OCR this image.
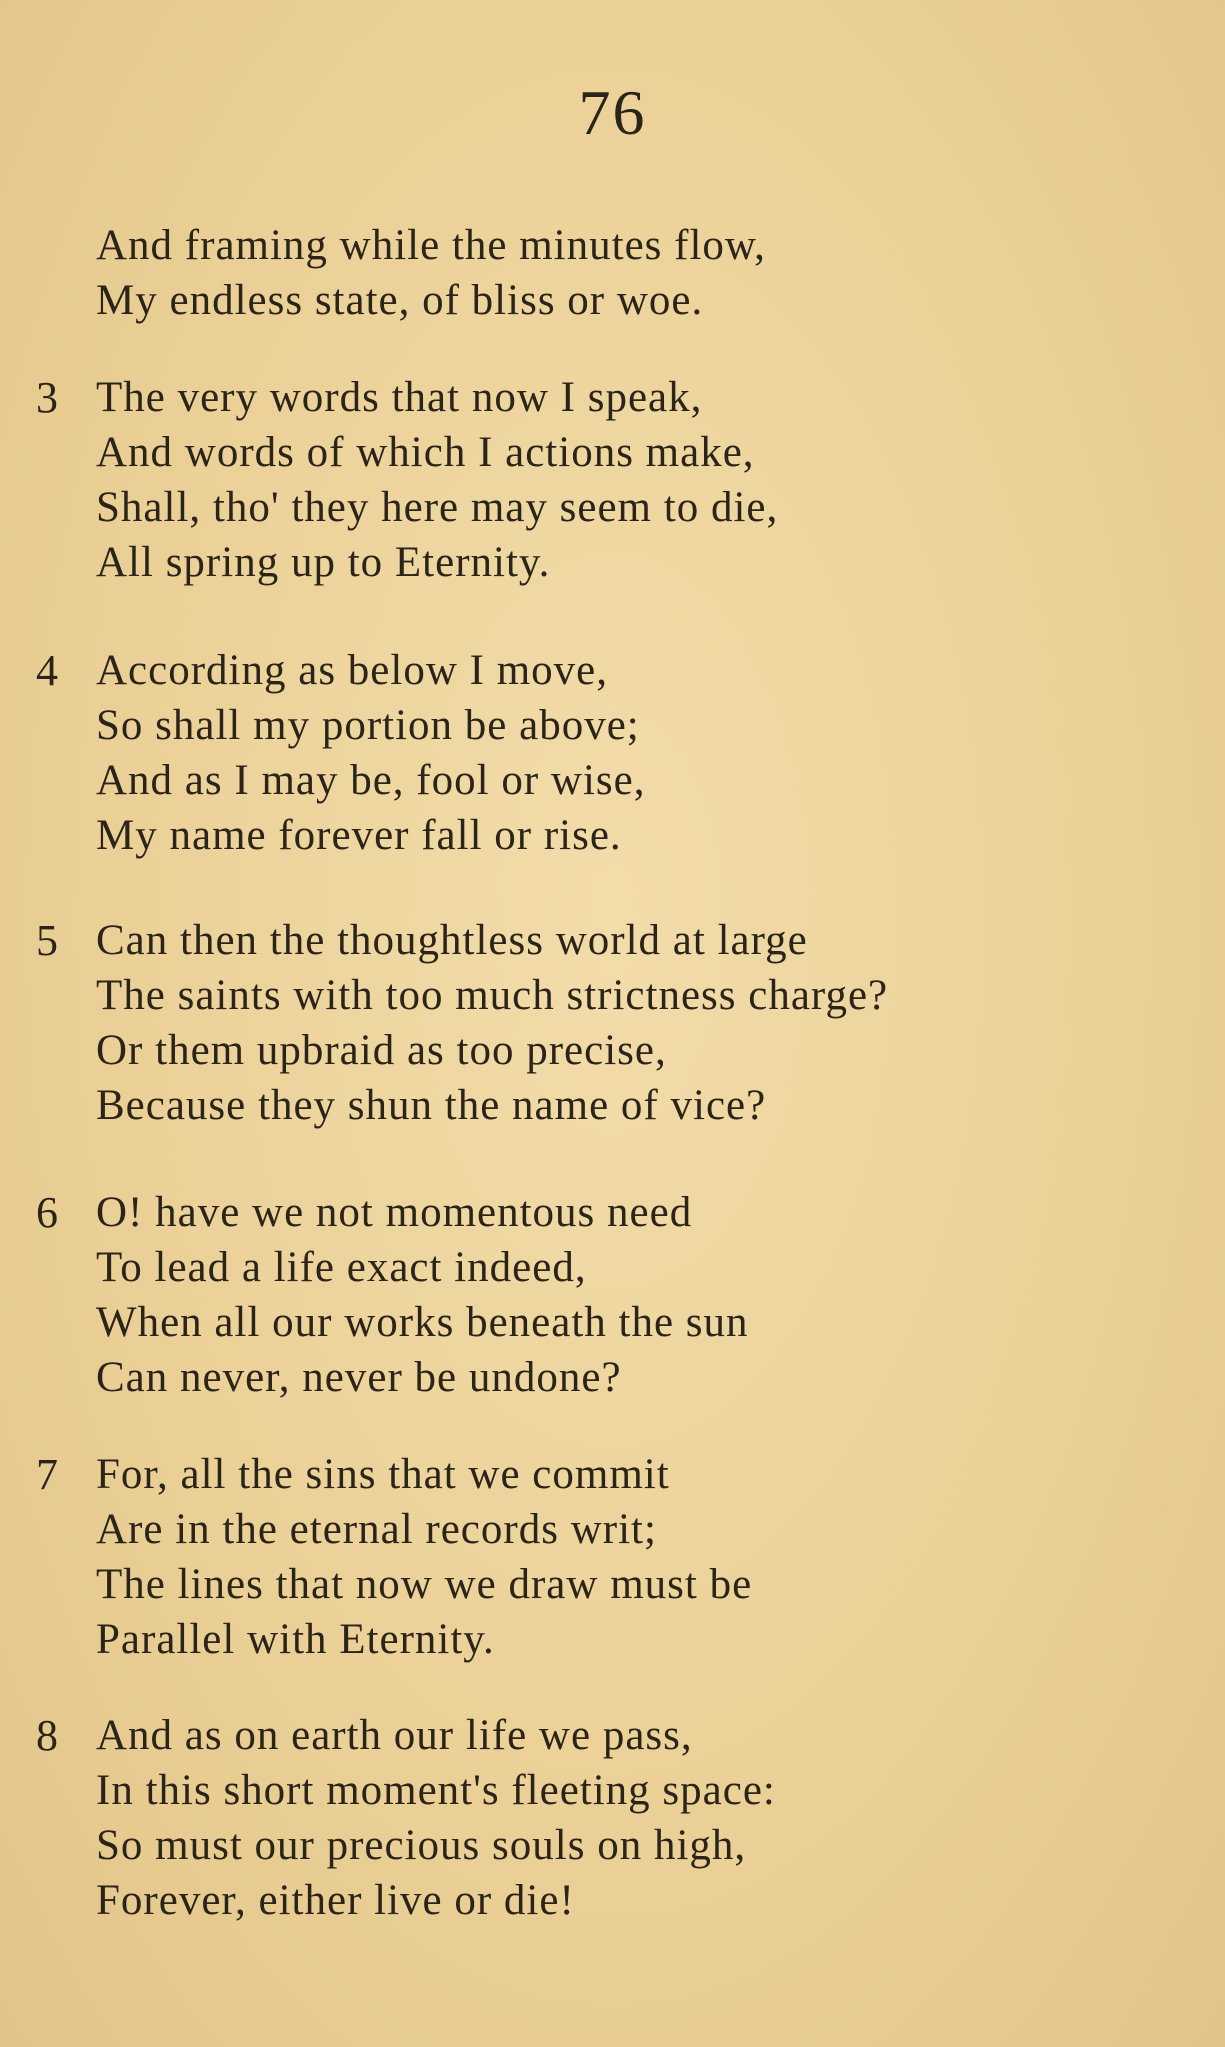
76
And framing while the minutes flow,
My endless state, of bliss or woe.
3 The very words that now I speak,
And words of which I actions make,
Shall, tho' they here may seem to die,
All spring up to Eternity.
4 According as below I move,
So shall my portion be above;
And as I may be, fool or wise,
My name forever fall or rise.
5 Can then the thoughtless world at large
The saints with too much strictness charge?
Or them upbraid as too precise,
Because they shun the name of vice?
6 O! have we not momentous need
To lead a life exact indeed,
When all our works beneath the sun
Can never, never be undone?
7 For, all the sins that we commit
Are in the eternal records writ;
The lines that now we draw must be
Parallel with Eternity.
8 And as on earth our life we pass,
In this short moment's fleeting space:
So must our precious souls on high,
Forever, either live or die!
